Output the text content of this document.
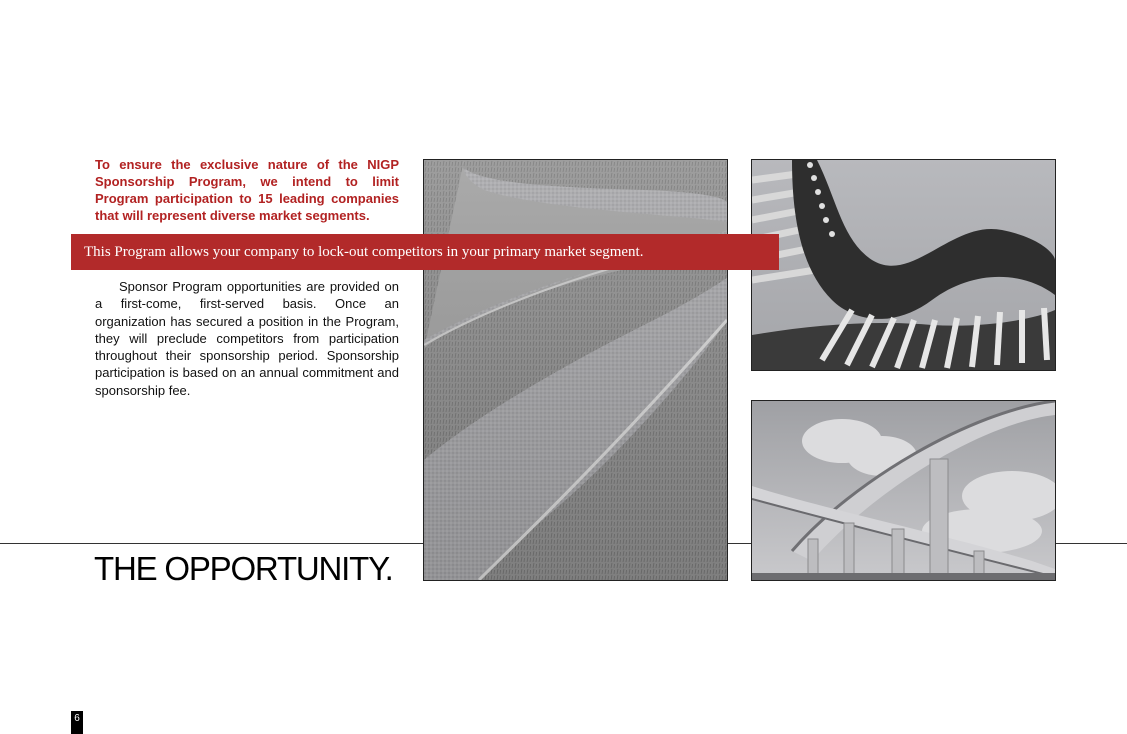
To ensure the exclusive nature of the NIGP Sponsorship Program, we intend to limit Program participation to 15 leading companies that will represent diverse market segments.

This Program allows your company to lock-out competitors in your primary market segment.

Sponsor Program opportunities are provided on a first-come, first-served basis. Once an organization has secured a position in the Program, they will preclude competitors from participation throughout their sponsorship period. Sponsorship participation is based on an annual commitment and sponsorship fee.

THE OPPORTUNITY.
6
